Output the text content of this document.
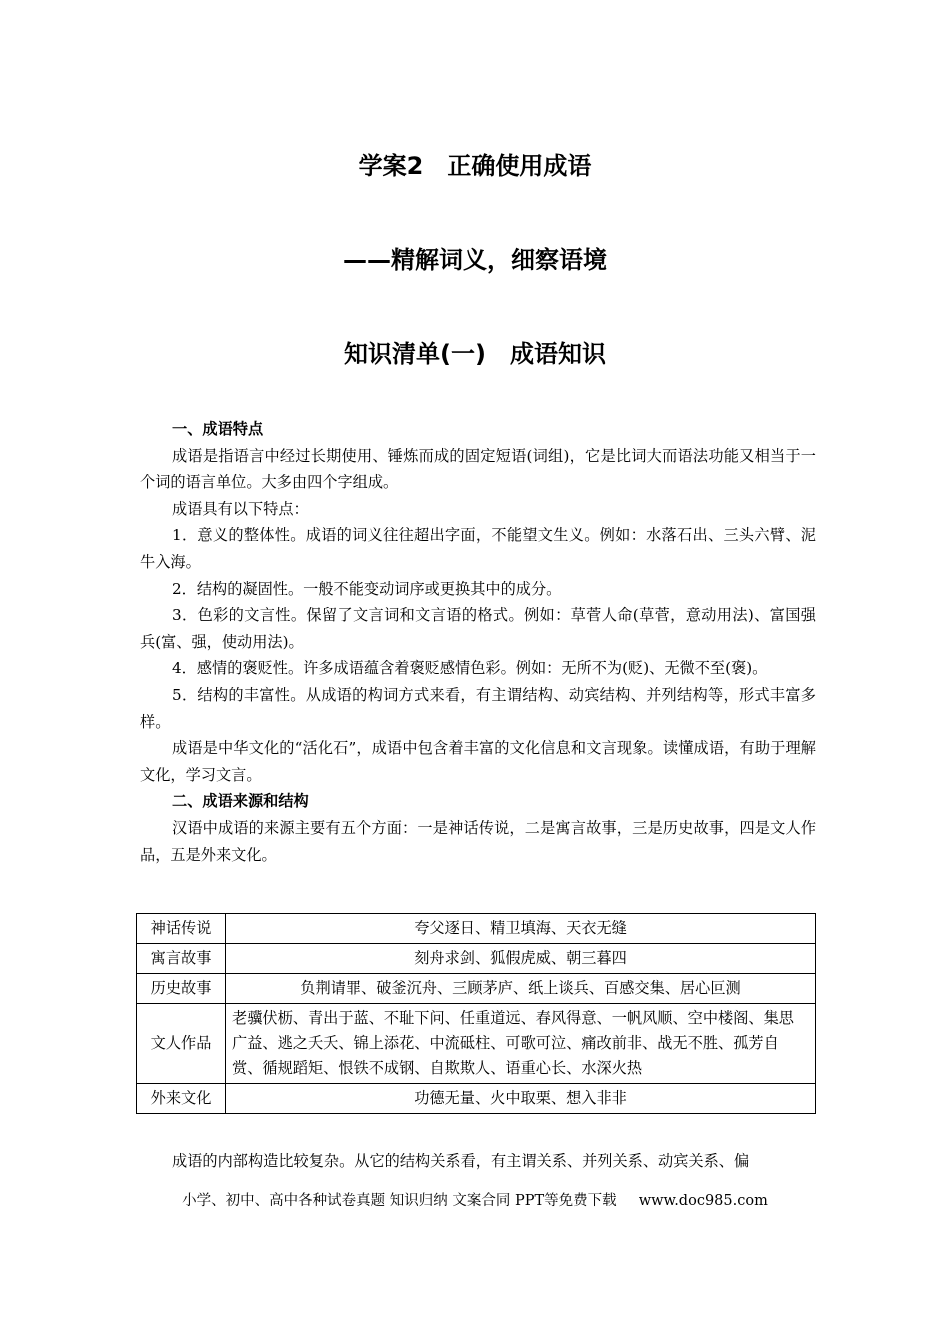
学案2　正确使用成语
——精解词义，细察语境
知识清单(一)　成语知识
一、成语特点

成语是指语言中经过长期使用、锤炼而成的固定短语(词组)，它是比词大而语法功能又相当于一个词的语言单位。大多由四个字组成。

成语具有以下特点：

1．意义的整体性。成语的词义往往超出字面，不能望文生义。例如：水落石出、三头六臂、泥牛入海。

2．结构的凝固性。一般不能变动词序或更换其中的成分。

3．色彩的文言性。保留了文言词和文言语的格式。例如：草菅人命(草菅，意动用法)、富国强兵(富、强，使动用法)。

4．感情的褒贬性。许多成语蕴含着褒贬感情色彩。例如：无所不为(贬)、无微不至(褒)。

5．结构的丰富性。从成语的构词方式来看，有主谓结构、动宾结构、并列结构等，形式丰富多样。

成语是中华文化的“活化石”，成语中包含着丰富的文化信息和文言现象。读懂成语，有助于理解文化，学习文言。

二、成语来源和结构

汉语中成语的来源主要有五个方面：一是神话传说，二是寓言故事，三是历史故事，四是文人作品，五是外来文化。

神话传说	夸父逐日、精卫填海、天衣无缝
寓言故事	刻舟求剑、狐假虎威、朝三暮四
历史故事	负荆请罪、破釜沉舟、三顾茅庐、纸上谈兵、百感交集、居心叵测
文人作品	老骥伏枥、青出于蓝、不耻下问、任重道远、春风得意、一帆风顺、空中楼阁、集思广益、逃之夭夭、锦上添花、中流砥柱、可歌可泣、痛改前非、战无不胜、孤芳自赏、循规蹈矩、恨铁不成钢、自欺欺人、语重心长、水深火热
外来文化	功德无量、火中取栗、想入非非
成语的内部构造比较复杂。从它的结构关系看，有主谓关系、并列关系、动宾关系、偏
小学、初中、高中各种试卷真题 知识归纳 文案合同 PPT等免费下载 www.doc985.com
